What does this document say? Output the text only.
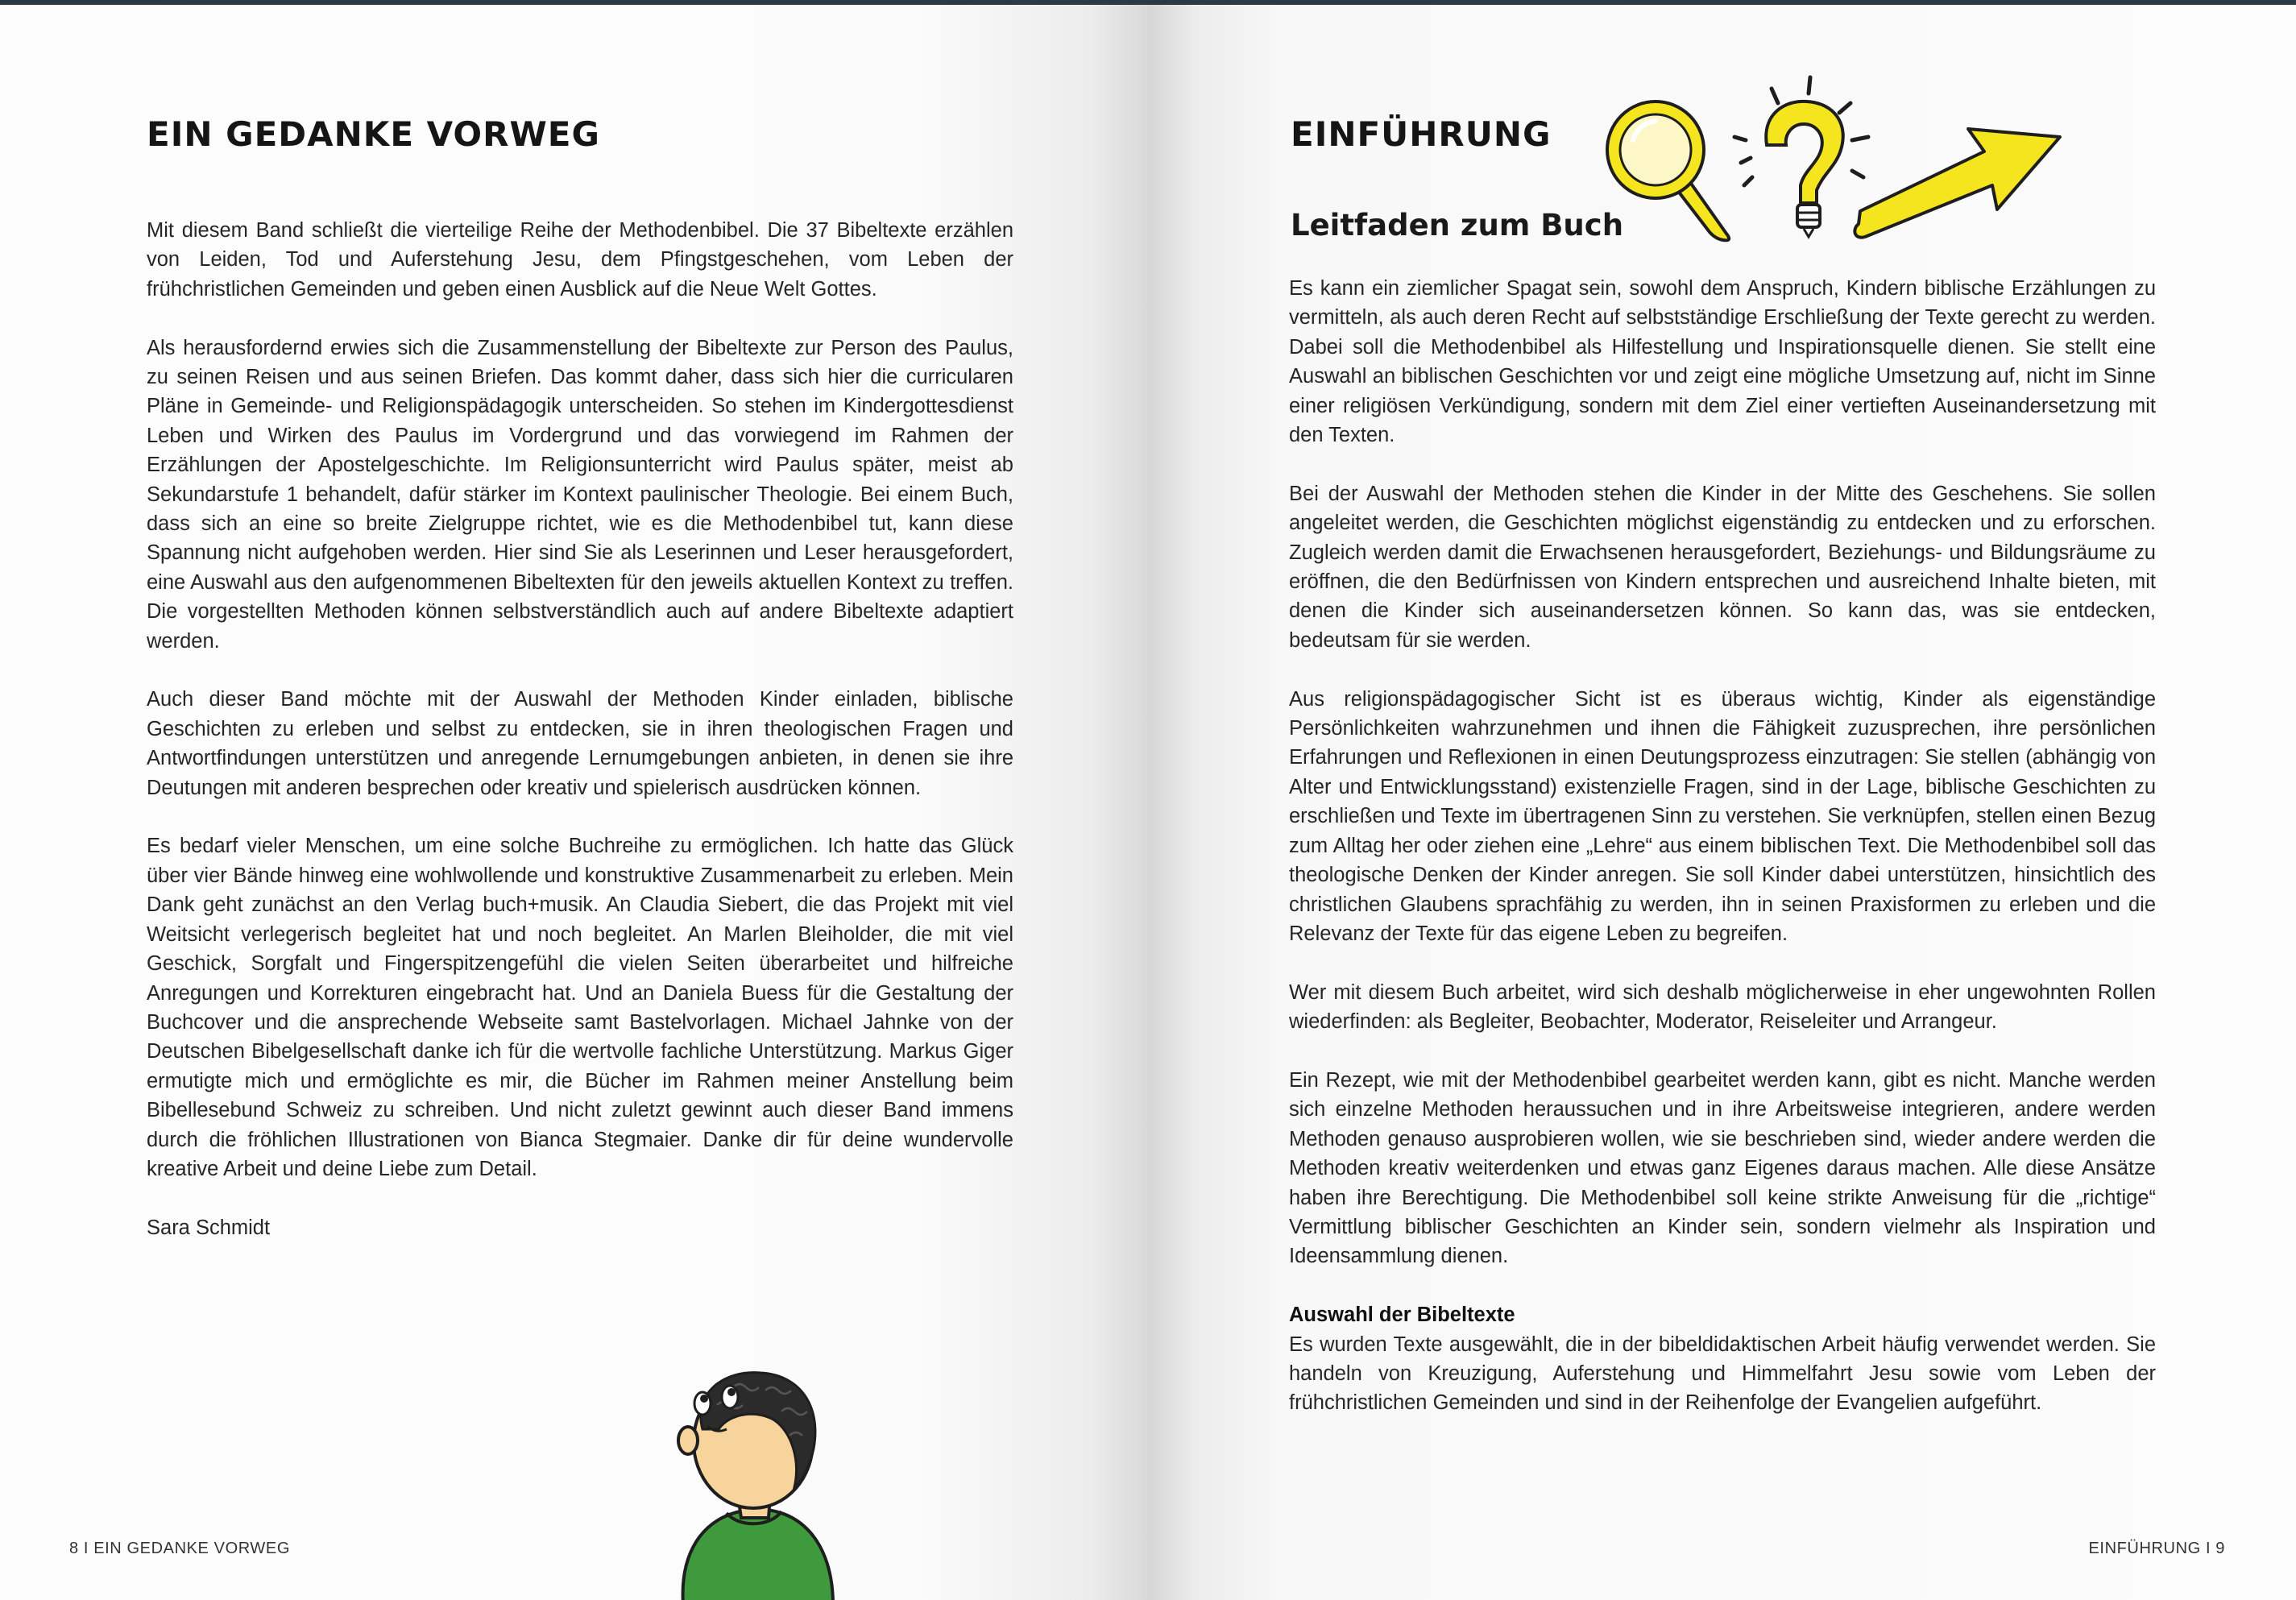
EIN GEDANKE VORWEG

Mit diesem Band schließt die vierteilige Reihe der Methodenbibel. Die 37 Bibeltexte erzählen von Leiden, Tod und Auferstehung Jesu, dem Pfingstgeschehen, vom Leben der frühchristlichen Gemeinden und geben einen Ausblick auf die Neue Welt Gottes.

Als herausfordernd erwies sich die Zusammenstellung der Bibeltexte zur Person des Paulus, zu seinen Reisen und aus seinen Briefen. Das kommt daher, dass sich hier die curricularen Pläne in Gemeinde- und Religionspädagogik unterscheiden. So stehen im Kindergottesdienst Leben und Wirken des Paulus im Vordergrund und das vorwiegend im Rahmen der Erzählungen der Apostelgeschichte. Im Religionsunterricht wird Paulus später, meist ab Sekundarstufe 1 behandelt, dafür stärker im Kontext paulinischer Theologie. Bei einem Buch, dass sich an eine so breite Zielgruppe richtet, wie es die Methodenbibel tut, kann diese Spannung nicht aufgehoben werden. Hier sind Sie als Leserinnen und Leser herausgefordert, eine Auswahl aus den aufgenommenen Bibeltexten für den jeweils aktuellen Kontext zu treffen. Die vorgestellten Methoden können selbstverständlich auch auf andere Bibeltexte adaptiert werden.

Auch dieser Band möchte mit der Auswahl der Methoden Kinder einladen, biblische Geschichten zu erleben und selbst zu entdecken, sie in ihren theologischen Fragen und Antwortfindungen unterstützen und anregende Lernumgebungen anbieten, in denen sie ihre Deutungen mit anderen besprechen oder kreativ und spielerisch ausdrücken können.

Es bedarf vieler Menschen, um eine solche Buchreihe zu ermöglichen. Ich hatte das Glück über vier Bände hinweg eine wohlwollende und konstruktive Zusammenarbeit zu erleben. Mein Dank geht zunächst an den Verlag buch+musik. An Claudia Siebert, die das Projekt mit viel Weitsicht verlegerisch begleitet hat und noch begleitet. An Marlen Bleiholder, die mit viel Geschick, Sorgfalt und Fingerspitzengefühl die vielen Seiten überarbeitet und hilfreiche Anregungen und Korrekturen eingebracht hat. Und an Daniela Buess für die Gestaltung der Buchcover und die ansprechende Webseite samt Bastelvorlagen. Michael Jahnke von der Deutschen Bibelgesellschaft danke ich für die wertvolle fachliche Unterstützung. Markus Giger ermutigte mich und ermöglichte es mir, die Bücher im Rahmen meiner Anstellung beim Bibellesebund Schweiz zu schreiben. Und nicht zuletzt gewinnt auch dieser Band immens durch die fröhlichen Illustrationen von Bianca Stegmaier. Danke dir für deine wundervolle kreative Arbeit und deine Liebe zum Detail.

Sara Schmidt

8 I EIN GEDANKE VORWEG
EINFÜHRUNG
Leitfaden zum Buch

Es kann ein ziemlicher Spagat sein, sowohl dem Anspruch, Kindern biblische Erzählungen zu vermitteln, als auch deren Recht auf selbstständige Erschließung der Texte gerecht zu werden. Dabei soll die Methodenbibel als Hilfestellung und Inspirationsquelle dienen. Sie stellt eine Auswahl an biblischen Geschichten vor und zeigt eine mögliche Umsetzung auf, nicht im Sinne einer religiösen Verkündigung, sondern mit dem Ziel einer vertieften Auseinandersetzung mit den Texten.

Bei der Auswahl der Methoden stehen die Kinder in der Mitte des Geschehens. Sie sollen angeleitet werden, die Geschichten möglichst eigenständig zu entdecken und zu erforschen. Zugleich werden damit die Erwachsenen herausgefordert, Beziehungs- und Bildungsräume zu eröffnen, die den Bedürfnissen von Kindern entsprechen und ausreichend Inhalte bieten, mit denen die Kinder sich auseinandersetzen können. So kann das, was sie entdecken, bedeutsam für sie werden.

Aus religionspädagogischer Sicht ist es überaus wichtig, Kinder als eigenständige Persönlichkeiten wahrzunehmen und ihnen die Fähigkeit zuzusprechen, ihre persönlichen Erfahrungen und Reflexionen in einen Deutungsprozess einzutragen: Sie stellen (abhängig von Alter und Entwicklungsstand) existenzielle Fragen, sind in der Lage, biblische Geschichten zu erschließen und Texte im übertragenen Sinn zu verstehen. Sie verknüpfen, stellen einen Bezug zum Alltag her oder ziehen eine „Lehre“ aus einem biblischen Text. Die Methodenbibel soll das theologische Denken der Kinder anregen. Sie soll Kinder dabei unterstützen, hinsichtlich des christlichen Glaubens sprachfähig zu werden, ihn in seinen Praxisformen zu erleben und die Relevanz der Texte für das eigene Leben zu begreifen.

Wer mit diesem Buch arbeitet, wird sich deshalb möglicherweise in eher ungewohnten Rollen wiederfinden: als Begleiter, Beobachter, Moderator, Reiseleiter und Arrangeur.

Ein Rezept, wie mit der Methodenbibel gearbeitet werden kann, gibt es nicht. Manche werden sich einzelne Methoden heraussuchen und in ihre Arbeitsweise integrieren, andere werden Methoden genauso ausprobieren wollen, wie sie beschrieben sind, wieder andere werden die Methoden kreativ weiterdenken und etwas ganz Eigenes daraus machen. Alle diese Ansätze haben ihre Berechtigung. Die Methodenbibel soll keine strikte Anweisung für die „richtige“ Vermittlung biblischer Geschichten an Kinder sein, sondern vielmehr als Inspiration und Ideensammlung dienen.

Auswahl der Bibeltexte
Es wurden Texte ausgewählt, die in der bibeldidaktischen Arbeit häufig verwendet werden. Sie handeln von Kreuzigung, Auferstehung und Himmelfahrt Jesu sowie vom Leben der frühchristlichen Gemeinden und sind in der Reihenfolge der Evangelien aufgeführt.

EINFÜHRUNG I 9
